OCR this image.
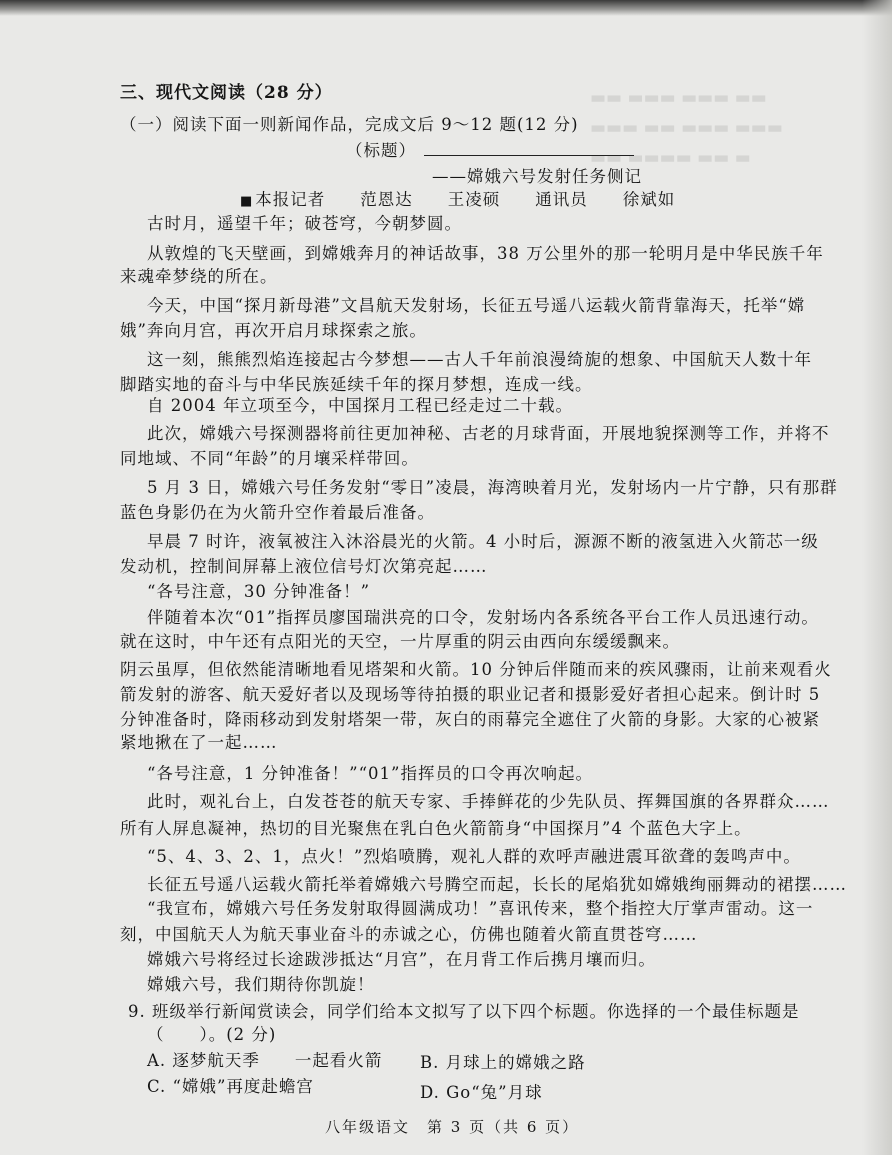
▬▬ ▬▬▬ ▬▬▬ ▬▬
▬▬▬ ▬▬ ▬▬▬ ▬▬▬
▬▬ ▬▬▬▬ ▬▬ ▬
三、现代文阅读（28 分）
（一）阅读下面一则新闻作品，完成文后 9～12 题(12 分)
（标题）
——嫦娥六号发射任务侧记
■ 本报记者　　范恩达　　王凌硕　　通讯员　　徐斌如
古时月，遥望千年；破苍穹，今朝梦圆。
从敦煌的飞天壁画，到嫦娥奔月的神话故事，38 万公里外的那一轮明月是中华民族千年
来魂牵梦绕的所在。
今天，中国“探月新母港”文昌航天发射场，长征五号遥八运载火箭背靠海天，托举“嫦
娥”奔向月宫，再次开启月球探索之旅。
这一刻，熊熊烈焰连接起古今梦想——古人千年前浪漫绮旎的想象、中国航天人数十年
脚踏实地的奋斗与中华民族延续千年的探月梦想，连成一线。
自 2004 年立项至今，中国探月工程已经走过二十载。
此次，嫦娥六号探测器将前往更加神秘、古老的月球背面，开展地貌探测等工作，并将不
同地域、不同“年龄”的月壤采样带回。
5 月 3 日，嫦娥六号任务发射“零日”凌晨，海湾映着月光，发射场内一片宁静，只有那群
蓝色身影仍在为火箭升空作着最后准备。
早晨 7 时许，液氧被注入沐浴晨光的火箭。4 小时后，源源不断的液氢进入火箭芯一级
发动机，控制间屏幕上液位信号灯次第亮起……
“各号注意，30 分钟准备！”
伴随着本次“01”指挥员廖国瑞洪亮的口令，发射场内各系统各平台工作人员迅速行动。
就在这时，中午还有点阳光的天空，一片厚重的阴云由西向东缓缓飘来。
阴云虽厚，但依然能清晰地看见塔架和火箭。10 分钟后伴随而来的疾风骤雨，让前来观看火
箭发射的游客、航天爱好者以及现场等待拍摄的职业记者和摄影爱好者担心起来。倒计时 5
分钟准备时，降雨移动到发射塔架一带，灰白的雨幕完全遮住了火箭的身影。大家的心被紧
紧地揪在了一起……
“各号注意，1 分钟准备！”“01”指挥员的口令再次响起。
此时，观礼台上，白发苍苍的航天专家、手捧鲜花的少先队员、挥舞国旗的各界群众……
所有人屏息凝神，热切的目光聚焦在乳白色火箭箭身“中国探月”4 个蓝色大字上。
“5、4、3、2、1，点火！”烈焰喷腾，观礼人群的欢呼声融进震耳欲聋的轰鸣声中。
长征五号遥八运载火箭托举着嫦娥六号腾空而起，长长的尾焰犹如嫦娥绚丽舞动的裙摆……
“我宣布，嫦娥六号任务发射取得圆满成功！”喜讯传来，整个指控大厅掌声雷动。这一
刻，中国航天人为航天事业奋斗的赤诚之心，仿佛也随着火箭直贯苍穹……
嫦娥六号将经过长途跋涉抵达“月宫”，在月背工作后携月壤而归。
嫦娥六号，我们期待你凯旋！
9. 班级举行新闻赏读会，同学们给本文拟写了以下四个标题。你选择的一个最佳标题是
（　　）。(2 分)
A. 逐梦航天季　　一起看火箭 B. 月球上的嫦娥之路
C. “嫦娥”再度赴蟾宫	D. Go“兔”月球
八年级语文　第 3 页（共 6 页）
